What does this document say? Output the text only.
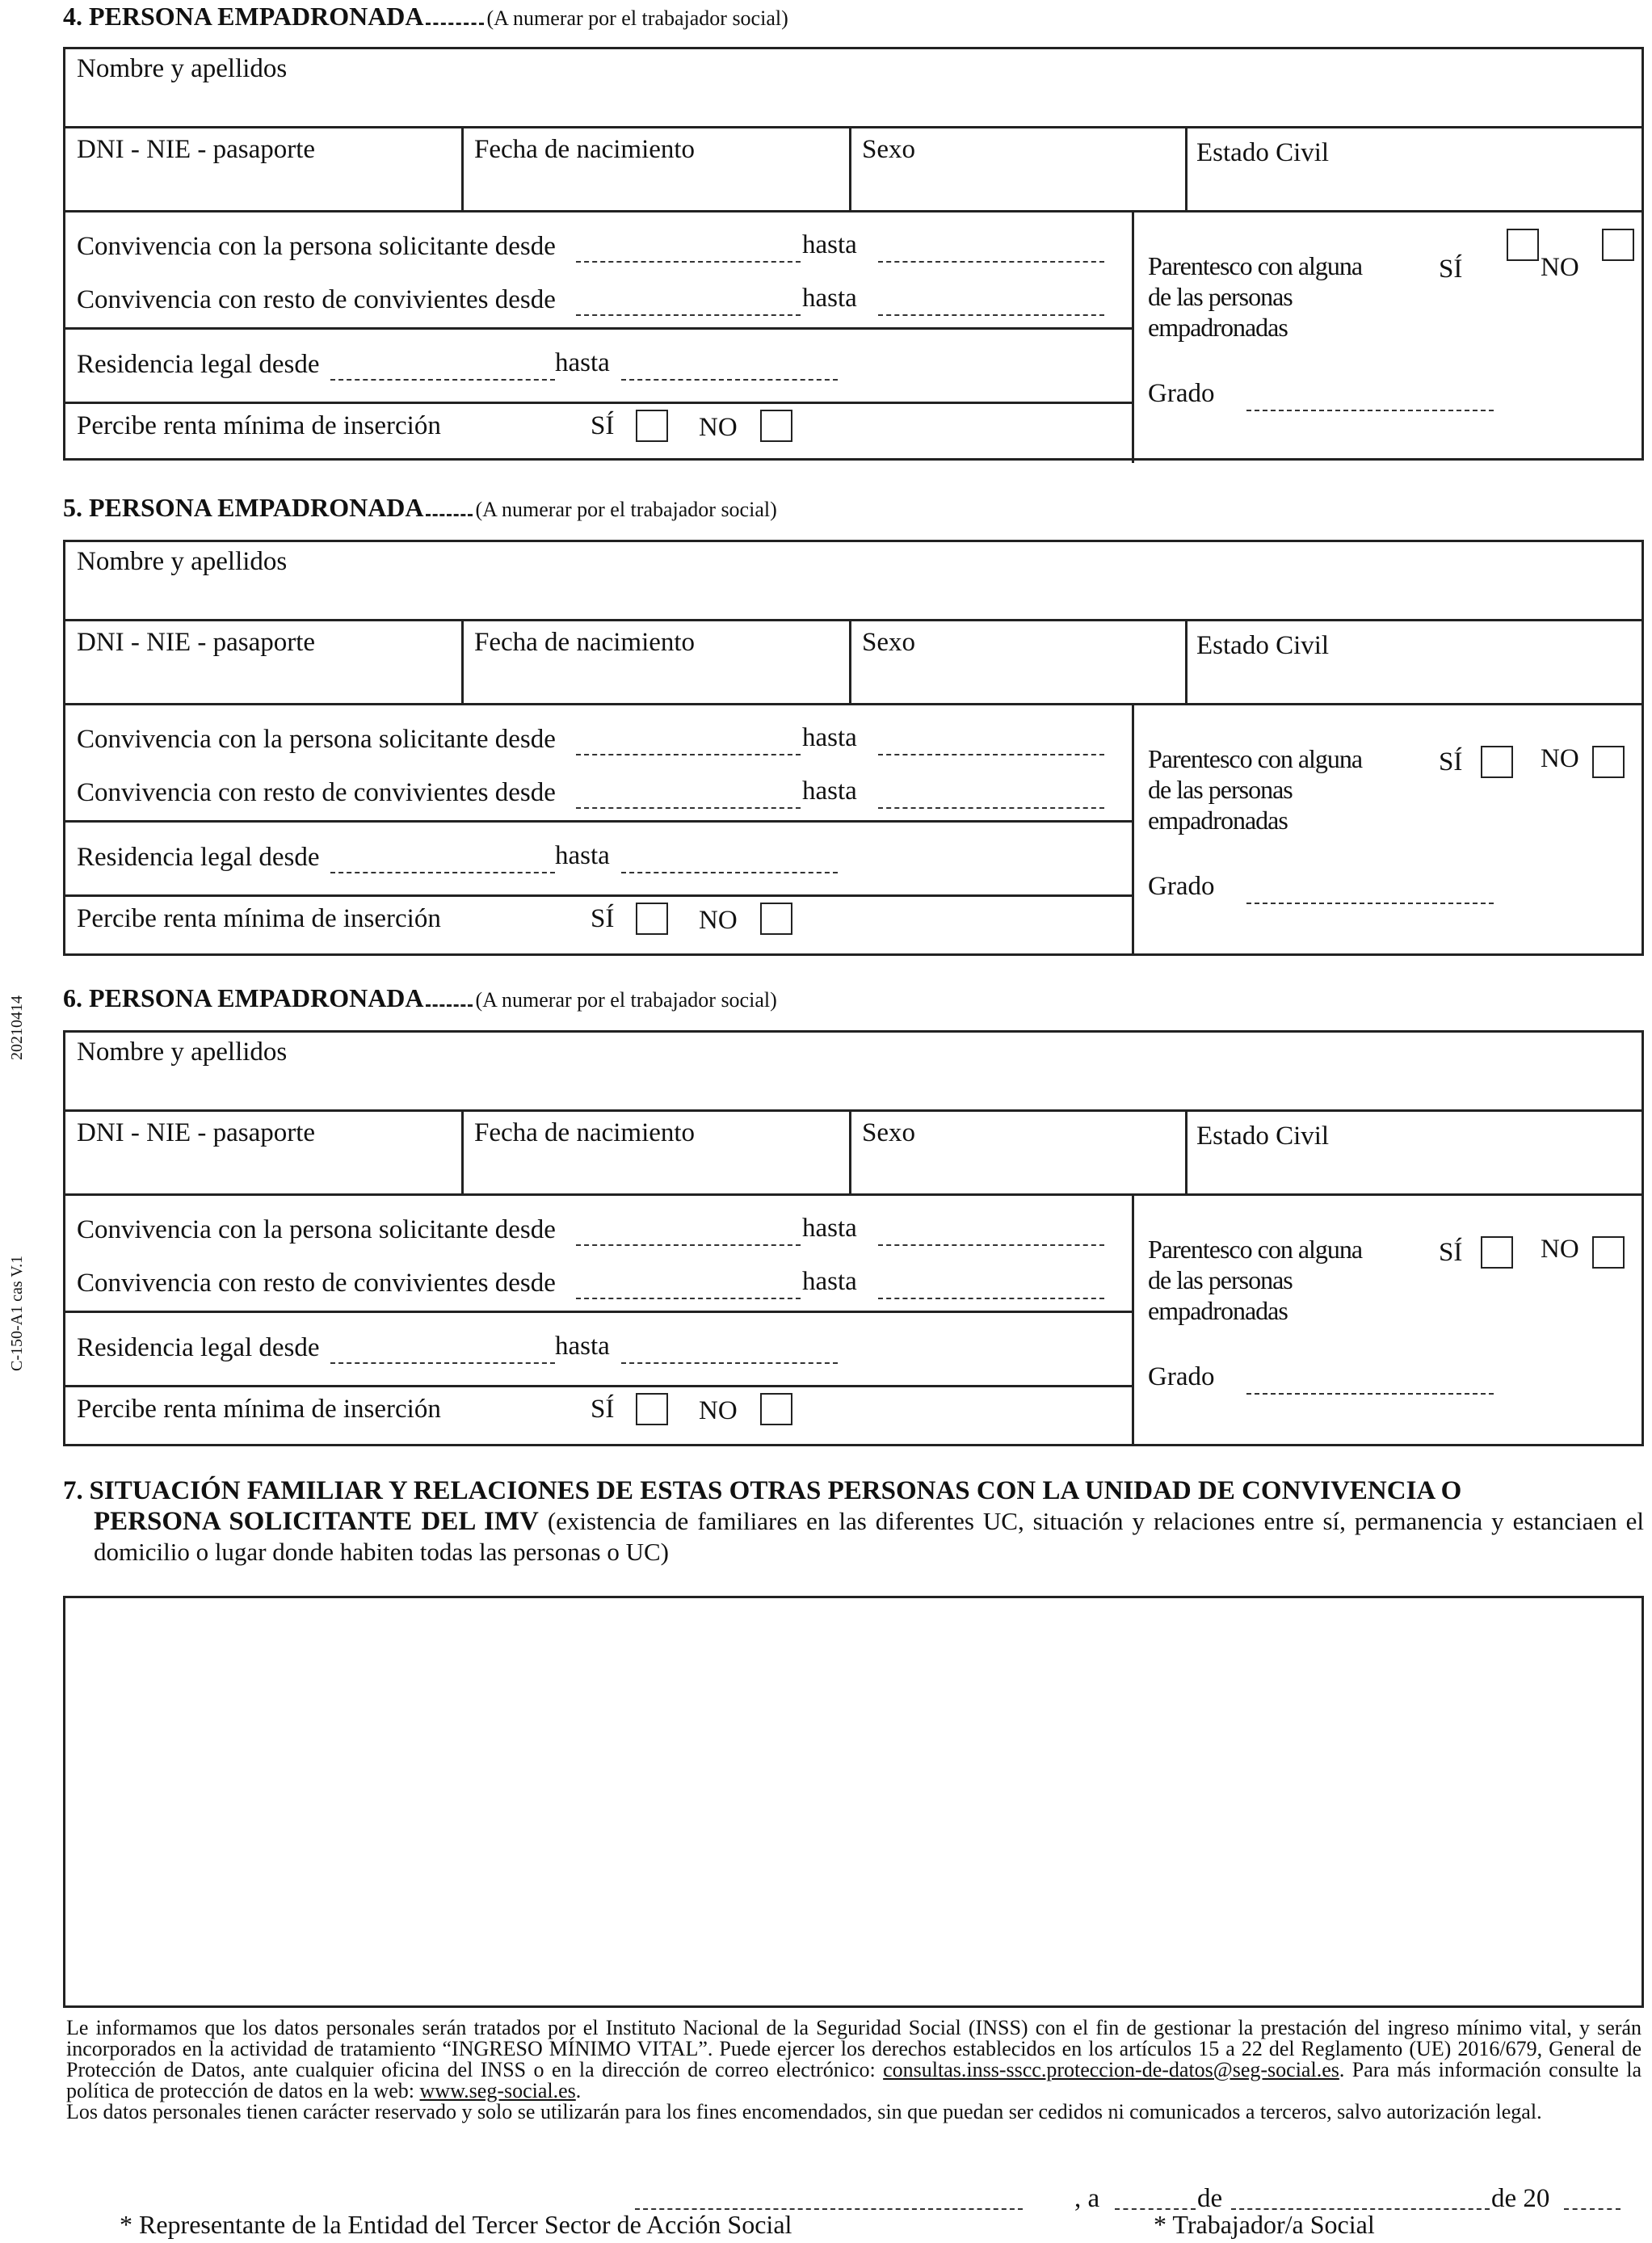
20210414
C-150-A1 cas V.1
4. PERSONA EMPADRONADA	(A numerar por el trabajador social)
Nombre y apellidos
DNI - NIE - pasaporte	Fecha de nacimiento	Sexo	Estado Civil
Convivencia con la persona solicitante desde	hasta
Convivencia con resto de convivientes desde	hasta
Residencia legal desde	hasta
Percibe renta mínima de inserción	SÍ	NO
Parentesco con alguna
de las personas
empadronadas
SÍ	NO
Grado
5. PERSONA EMPADRONADA (A numerar por el trabajador social)
Nombre y apellidos
DNI - NIE - pasaporte	Fecha de nacimiento	Sexo	Estado Civil
Convivencia con la persona solicitante desde	hasta
Convivencia con resto de convivientes desde	hasta
Residencia legal desde	hasta
Percibe renta mínima de inserción	SÍ	NO
Parentesco con alguna
de las personas
empadronadas
SÍ	NO
Grado
6. PERSONA EMPADRONADA (A numerar por el trabajador social)
Nombre y apellidos
DNI - NIE - pasaporte	Fecha de nacimiento	Sexo	Estado Civil
Convivencia con la persona solicitante desde	hasta
Convivencia con resto de convivientes desde	hasta
Residencia legal desde	hasta
Percibe renta mínima de inserción	SÍ	NO
Parentesco con alguna
de las personas
empadronadas
SÍ	NO
Grado
7. SITUACIÓN FAMILIAR Y RELACIONES DE ESTAS OTRAS PERSONAS CON LA UNIDAD DE CONVIVENCIA O
PERSONA SOLICITANTE DEL IMV (existencia de familiares en las diferentes UC, situación y relaciones entre sí, permanencia y estanciaen el domicilio o lugar donde habiten todas las personas o UC)
Le informamos que los datos personales serán tratados por el Instituto Nacional de la Seguridad Social (INSS) con el fin de gestionar la prestación del ingreso mínimo vital, y serán incorporados en la actividad de tratamiento “INGRESO MÍNIMO VITAL”. Puede ejercer los derechos establecidos en los artículos 15 a 22 del Reglamento (UE) 2016/679, General de Protección de Datos, ante cualquier oficina del INSS o en la dirección de correo electrónico: consultas.inss-sscc.proteccion-de-datos@seg-social.es. Para más información consulte la política de protección de datos en la web: www.seg-social.es.
Los datos personales tienen carácter reservado y solo se utilizarán para los fines encomendados, sin que puedan ser cedidos ni comunicados a terceros, salvo autorización legal.
, a	de	de 20
* Representante de la Entidad del Tercer Sector de Acción Social	* Trabajador/a Social
